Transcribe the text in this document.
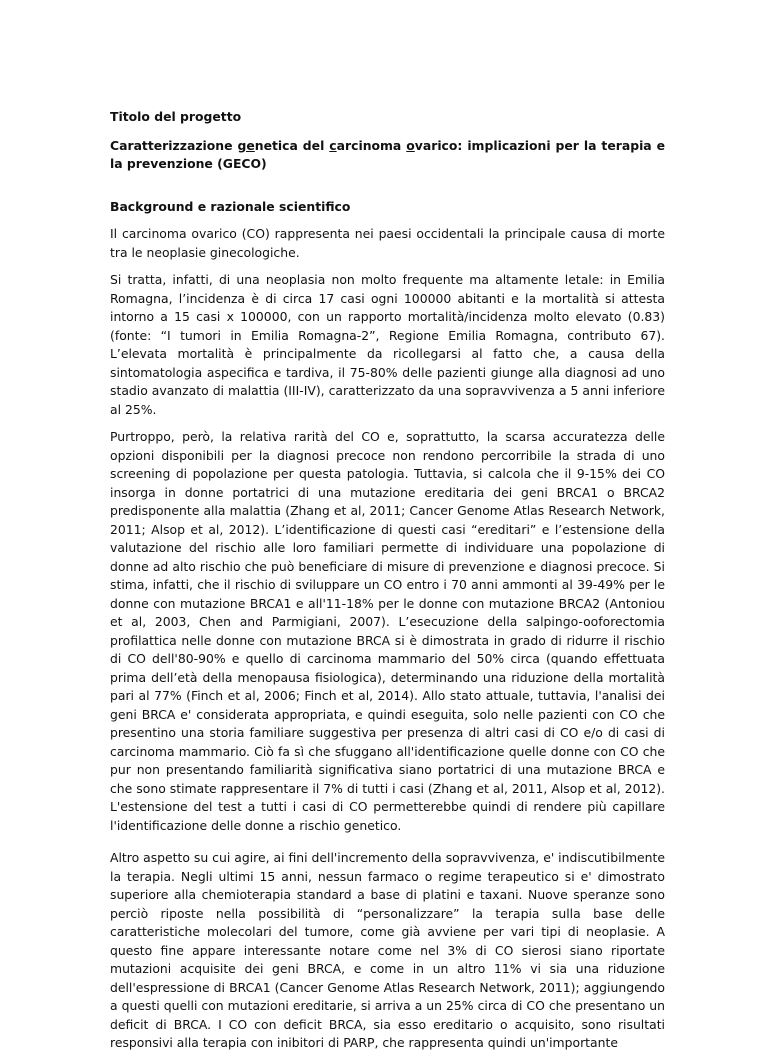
Titolo del progetto

Caratterizzazione genetica del carcinoma ovarico: implicazioni per la terapia e la prevenzione (GECO)

Background e razionale scientifico

Il carcinoma ovarico (CO) rappresenta nei paesi occidentali la principale causa di morte tra le neoplasie ginecologiche.

Si tratta, infatti, di una neoplasia non molto frequente ma altamente letale: in Emilia Romagna, l’incidenza è di circa 17 casi ogni 100000 abitanti e la mortalità si attesta intorno a 15 casi x 100000, con un rapporto mortalità/incidenza molto elevato (0.83) (fonte: “I tumori in Emilia Romagna-2”, Regione Emilia Romagna, contributo 67). L’elevata mortalità è principalmente da ricollegarsi al fatto che, a causa della sintomatologia aspecifica e tardiva, il 75-80% delle pazienti giunge alla diagnosi ad uno stadio avanzato di malattia (III-IV), caratterizzato da una sopravvivenza a 5 anni inferiore al 25%.

Purtroppo, però, la relativa rarità del CO e, soprattutto, la scarsa accuratezza delle opzioni disponibili per la diagnosi precoce non rendono percorribile la strada di uno screening di popolazione per questa patologia. Tuttavia, si calcola che il 9-15% dei CO insorga in donne portatrici di una mutazione ereditaria dei geni BRCA1 o BRCA2 predisponente alla malattia (Zhang et al, 2011; Cancer Genome Atlas Research Network, 2011; Alsop et al, 2012). L’identificazione di questi casi “ereditari” e l’estensione della valutazione del rischio alle loro familiari permette di individuare una popolazione di donne ad alto rischio che può beneficiare di misure di prevenzione e diagnosi precoce. Si stima, infatti, che il rischio di sviluppare un CO entro i 70 anni ammonti al 39-49% per le donne con mutazione BRCA1 e all'11-18% per le donne con mutazione BRCA2 (Antoniou et al, 2003, Chen and Parmigiani, 2007). L’esecuzione della salpingo-ooforectomia profilattica nelle donne con mutazione BRCA si è dimostrata in grado di ridurre il rischio di CO dell'80-90% e quello di carcinoma mammario del 50% circa (quando effettuata prima dell’età della menopausa fisiologica), determinando una riduzione della mortalità pari al 77% (Finch et al, 2006; Finch et al, 2014). Allo stato attuale, tuttavia, l'analisi dei geni BRCA e' considerata appropriata, e quindi eseguita, solo nelle pazienti con CO che presentino una storia familiare suggestiva per presenza di altri casi di CO e/o di casi di carcinoma mammario. Ciò fa sì che sfuggano all'identificazione quelle donne con CO che pur non presentando familiarità significativa siano portatrici di una mutazione BRCA e che sono stimate rappresentare il 7% di tutti i casi (Zhang et al, 2011, Alsop et al, 2012). L'estensione del test a tutti i casi di CO permetterebbe quindi di rendere più capillare l'identificazione delle donne a rischio genetico.

Altro aspetto su cui agire, ai fini dell'incremento della sopravvivenza, e' indiscutibilmente la terapia. Negli ultimi 15 anni, nessun farmaco o regime terapeutico si e' dimostrato superiore alla chemioterapia standard a base di platini e taxani. Nuove speranze sono perciò riposte nella possibilità di “personalizzare” la terapia sulla base delle caratteristiche molecolari del tumore, come già avviene per vari tipi di neoplasie. A questo fine appare interessante notare come nel 3% di CO sierosi siano riportate mutazioni acquisite dei geni BRCA, e come in un altro 11% vi sia una riduzione dell'espressione di BRCA1 (Cancer Genome Atlas Research Network, 2011); aggiungendo a questi quelli con mutazioni ereditarie, si arriva a un 25% circa di CO che presentano un deficit di BRCA. I CO con deficit BRCA, sia esso ereditario o acquisito, sono risultati responsivi alla terapia con inibitori di PARP, che rappresenta quindi un'importante
